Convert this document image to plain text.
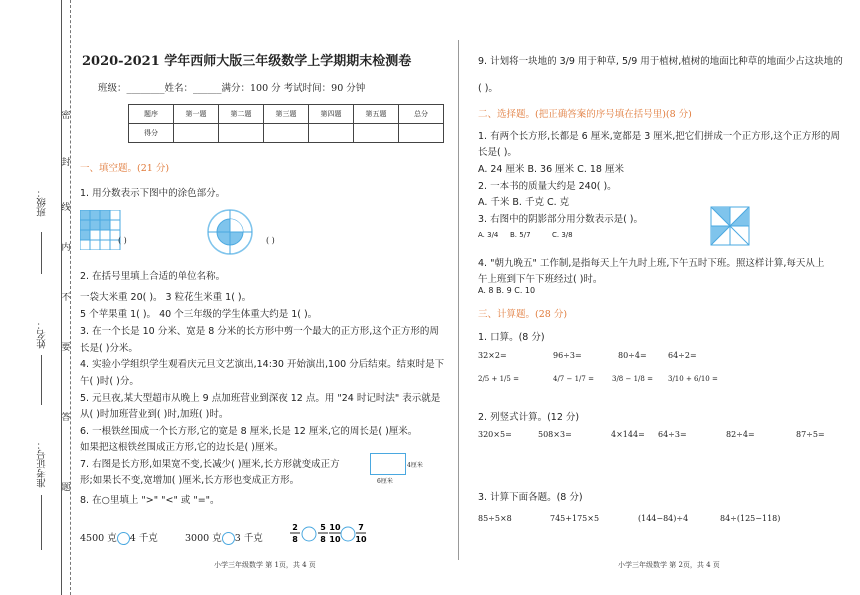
班级：
姓名：
准考证号：
密
封
线
内
不
要
答
题
2020-2021 学年西师大版三年级数学上学期期末检测卷
班级：________姓名：______满分：100 分 考试时间：90 分钟
题序	第一题	第二题	第三题	第四题	第五题	总分
得分						
一、填空题。(21 分)
1. 用分数表示下图中的涂色部分。
( )	( )
2. 在括号里填上合适的单位名称。
一袋大米重 20( )。 3 粒花生米重 1( )。
5 个苹果重 1( )。 40 个三年级的学生体重大约是 1( )。
3. 在一个长是 10 分米、宽是 8 分米的长方形中剪一个最大的正方形,这个正方形的周
长是( )分米。
4. 实验小学组织学生观看庆元旦文艺演出,14:30 开始演出,100 分后结束。结束时是下
午( )时( )分。
5. 元旦夜,某大型超市从晚上 9 点加班营业到深夜 12 点。用 "24 时记时法" 表示就是
从( )时加班营业到( )时,加班( )时。
6. 一根铁丝围成一个长方形,它的宽是 8 厘米,长是 12 厘米,它的周长是( )厘米。
如果把这根铁丝围成正方形,它的边长是( )厘米。
7. 右图是长方形,如果宽不变,长减少( )厘米,长方形就变成正方
形;如果长不变,宽增加( )厘米,长方形也变成正方形。
4厘米
6厘米
8. 在○里填上 ">" "<" 或 "="。
4500 克 4 千克	3000 克 3 千克
2
8
5
8
10
10
7
10
小学三年级数学 第 1页，共 4 页
9. 计划将一块地的 3/9 用于种草, 5/9 用于植树,植树的地面比种草的地面少占这块地的
( )。
二、选择题。(把正确答案的序号填在括号里)(8 分)
1. 有两个长方形,长都是 6 厘米,宽都是 3 厘米,把它们拼成一个正方形,这个正方形的周
长是( )。
A. 24 厘米 B. 36 厘米 C. 18 厘米
2. 一本书的质量大约是 240( )。
A. 千米 B. 千克 C. 克
3. 右图中的阴影部分用分数表示是( )。
A. 3/4 B. 5/7	C. 3/8
4. "朝九晚五" 工作制,是指每天上午九时上班,下午五时下班。照这样计算,每天从上
午上班到下午下班经过( )时。
A. 8 B. 9 C. 10
三、计算题。(28 分)
1. 口算。(8 分)
32×2=	96÷3=	80÷4=	64÷2=
2/5 + 1/5 =	4/7 − 1/7 =	3/8 − 1/8 = 3/10 + 6/10 =
2. 列竖式计算。(12 分)
320×5=	508×3=	4×144= 64÷3=	82÷4=	87÷5=
3. 计算下面各题。(8 分)
85÷5×8	745+175×5	(144−84)÷4	84÷(125−118)
小学三年级数学 第 2页，共 4 页
